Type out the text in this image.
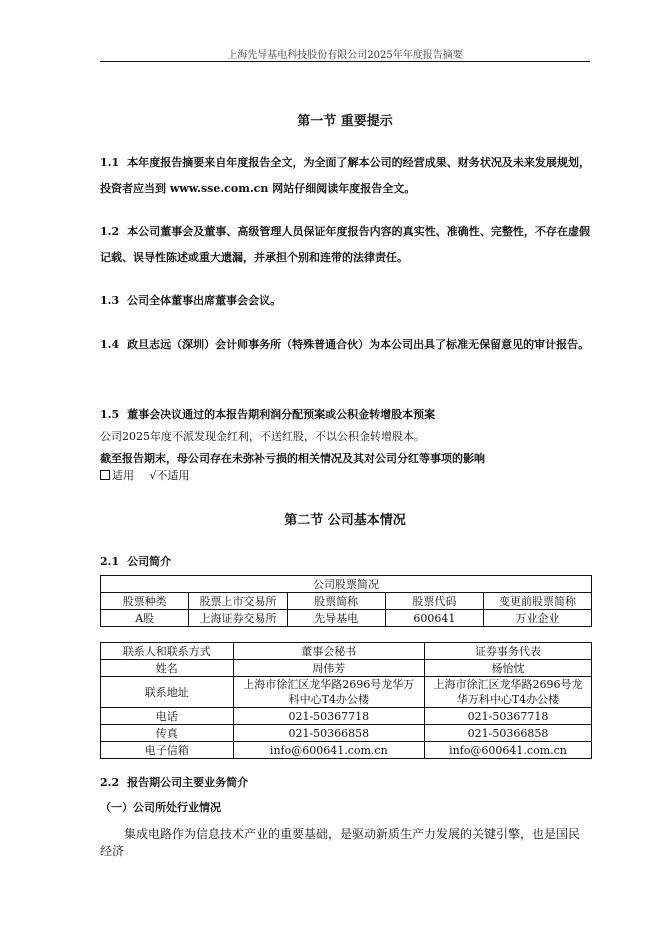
上海先导基电科技股份有限公司2025年年度报告摘要
第一节 重要提示
1.1 本年度报告摘要来自年度报告全文，为全面了解本公司的经营成果、财务状况及未来发展规划，投资者应当到 www.sse.com.cn 网站仔细阅读年度报告全文。
1.2 本公司董事会及董事、高级管理人员保证年度报告内容的真实性、准确性、完整性，不存在虚假记载、误导性陈述或重大遗漏，并承担个别和连带的法律责任。
1.3 公司全体董事出席董事会会议。
1.4 政旦志远（深圳）会计师事务所（特殊普通合伙）为本公司出具了标准无保留意见的审计报告。
1.5 董事会决议通过的本报告期利润分配预案或公积金转增股本预案
公司2025年度不派发现金红利，不送红股，不以公积金转增股本。
截至报告期末，母公司存在未弥补亏损的相关情况及其对公司分红等事项的影响
适用 √不适用
第二节 公司基本情况
2.1 公司简介
公司股票简况				
股票种类	股票上市交易所	股票简称	股票代码	变更前股票简称
A股	上海证券交易所	先导基电	600641	万业企业
联系人和联系方式	董事会秘书	证券事务代表
姓名	周伟芳	杨怡忱
联系地址	上海市徐汇区龙华路2696号龙华万科中心T4办公楼	上海市徐汇区龙华路2696号龙华万科中心T4办公楼
电话	021-50367718	021-50367718
传真	021-50366858	021-50366858
电子信箱	info@600641.com.cn	info@600641.com.cn
2.2 报告期公司主要业务简介
（一）公司所处行业情况
集成电路作为信息技术产业的重要基础，是驱动新质生产力发展的关键引擎，也是国民经济
